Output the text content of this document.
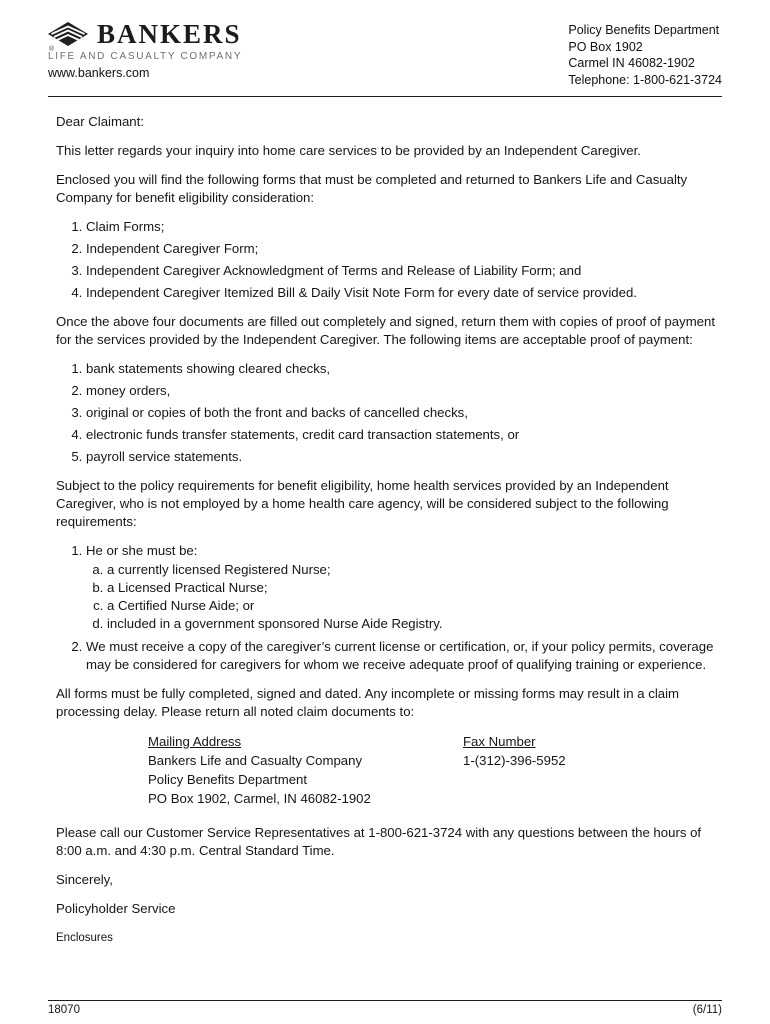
®
BANKERS
LIFE AND CASUALTY COMPANY
www.bankers.com
Policy Benefits Department
PO Box 1902
Carmel IN 46082-1902
Telephone: 1-800-621-3724

Dear Claimant:

This letter regards your inquiry into home care services to be provided by an Independent Caregiver.

Enclosed you will find the following forms that must be completed and returned to Bankers Life and Casualty Company for benefit eligibility consideration:

1. Claim Forms;
2. Independent Caregiver Form;
3. Independent Caregiver Acknowledgment of Terms and Release of Liability Form; and
4. Independent Caregiver Itemized Bill & Daily Visit Note Form for every date of service provided.

Once the above four documents are filled out completely and signed, return them with copies of proof of payment for the services provided by the Independent Caregiver. The following items are acceptable proof of payment:

1. bank statements showing cleared checks,
2. money orders,
3. original or copies of both the front and backs of cancelled checks,
4. electronic funds transfer statements, credit card transaction statements, or
5. payroll service statements.

Subject to the policy requirements for benefit eligibility, home health services provided by an Independent Caregiver, who is not employed by a home health care agency, will be considered subject to the following requirements:

1. He or she must be:
a. a currently licensed Registered Nurse;
b. a Licensed Practical Nurse;
c. a Certified Nurse Aide; or
d. included in a government sponsored Nurse Aide Registry.
2. We must receive a copy of the caregiver’s current license or certification, or, if your policy permits, coverage may be considered for caregivers for whom we receive adequate proof of qualifying training or experience.

All forms must be fully completed, signed and dated. Any incomplete or missing forms may result in a claim processing delay. Please return all noted claim documents to:

Mailing Address
Bankers Life and Casualty Company
Policy Benefits Department
PO Box 1902, Carmel, IN 46082-1902
Fax Number
1-(312)-396-5952

Please call our Customer Service Representatives at 1-800-621-3724 with any questions between the hours of 8:00 a.m. and 4:30 p.m. Central Standard Time.

Sincerely,

Policyholder Service

Enclosures

18070	(6/11)
